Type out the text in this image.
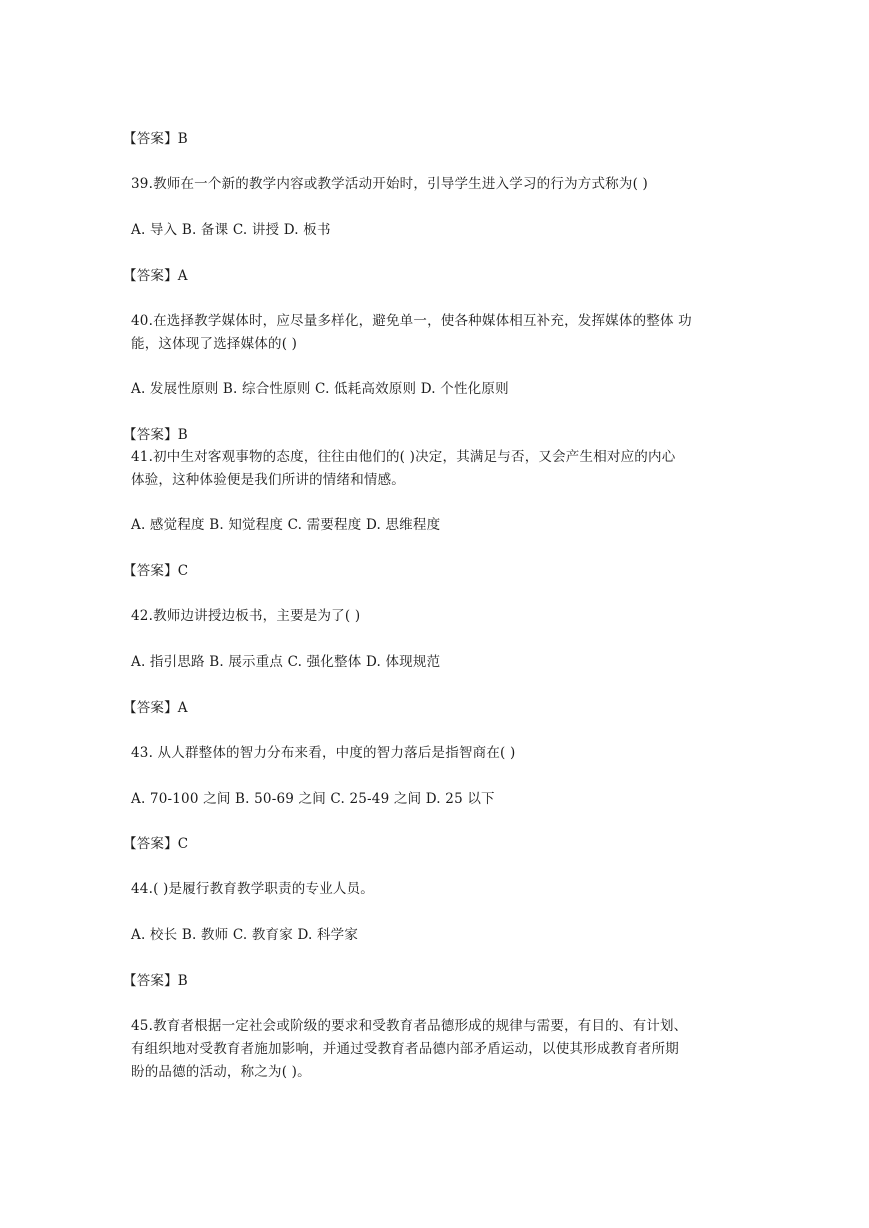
【答案】B
39.教师在一个新的教学内容或教学活动开始时，引导学生进入学习的行为方式称为( )
A. 导入 B. 备课 C. 讲授 D. 板书
【答案】A
40.在选择教学媒体时，应尽量多样化，避免单一，使各种媒体相互补充，发挥媒体的整体 功
能，这体现了选择媒体的( )
A. 发展性原则 B. 综合性原则 C. 低耗高效原则 D. 个性化原则
【答案】B
41.初中生对客观事物的态度，往往由他们的( )决定，其满足与否，又会产生相对应的内心
体验，这种体验便是我们所讲的情绪和情感。
A. 感觉程度 B. 知觉程度 C. 需要程度 D. 思维程度
【答案】C
42.教师边讲授边板书，主要是为了( )
A. 指引思路 B. 展示重点 C. 强化整体 D. 体现规范
【答案】A
43. 从人群整体的智力分布来看，中度的智力落后是指智商在( )
A. 70-100 之间 B. 50-69 之间 C. 25-49 之间 D. 25 以下
【答案】C
44.( )是履行教育教学职责的专业人员。
A. 校长 B. 教师 C. 教育家 D. 科学家
【答案】B
45.教育者根据一定社会或阶级的要求和受教育者品德形成的规律与需要，有目的、有计划、
有组织地对受教育者施加影响，并通过受教育者品德内部矛盾运动，以使其形成教育者所期
盼的品德的活动，称之为( )。
